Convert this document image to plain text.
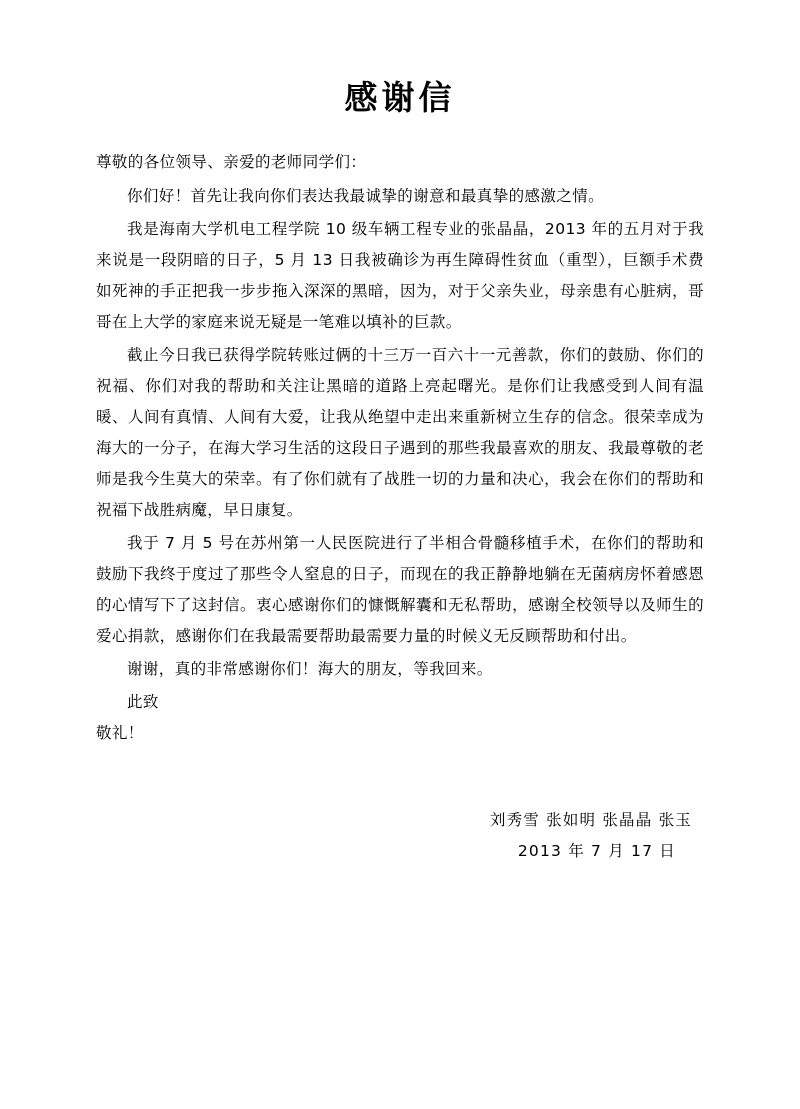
感谢信

尊敬的各位领导、亲爱的老师同学们：

你们好！首先让我向你们表达我最诚挚的谢意和最真挚的感激之情。

我是海南大学机电工程学院 10 级车辆工程专业的张晶晶，2013 年的五月对于我来说是一段阴暗的日子，5 月 13 日我被确诊为再生障碍性贫血（重型），巨额手术费如死神的手正把我一步步拖入深深的黑暗，因为，对于父亲失业，母亲患有心脏病，哥哥在上大学的家庭来说无疑是一笔难以填补的巨款。

截止今日我已获得学院转账过俩的十三万一百六十一元善款，你们的鼓励、你们的祝福、你们对我的帮助和关注让黑暗的道路上亮起曙光。是你们让我感受到人间有温暖、人间有真情、人间有大爱，让我从绝望中走出来重新树立生存的信念。很荣幸成为海大的一分子，在海大学习生活的这段日子遇到的那些我最喜欢的朋友、我最尊敬的老师是我今生莫大的荣幸。有了你们就有了战胜一切的力量和决心，我会在你们的帮助和祝福下战胜病魔，早日康复。

我于 7 月 5 号在苏州第一人民医院进行了半相合骨髓移植手术，在你们的帮助和鼓励下我终于度过了那些令人窒息的日子，而现在的我正静静地躺在无菌病房怀着感恩的心情写下了这封信。衷心感谢你们的慷慨解囊和无私帮助，感谢全校领导以及师生的爱心捐款，感谢你们在我最需要帮助最需要力量的时候义无反顾帮助和付出。

谢谢，真的非常感谢你们！海大的朋友，等我回来。

此致

敬礼！

刘秀雪 张如明 张晶晶 张玉

2013 年 7 月 17 日
